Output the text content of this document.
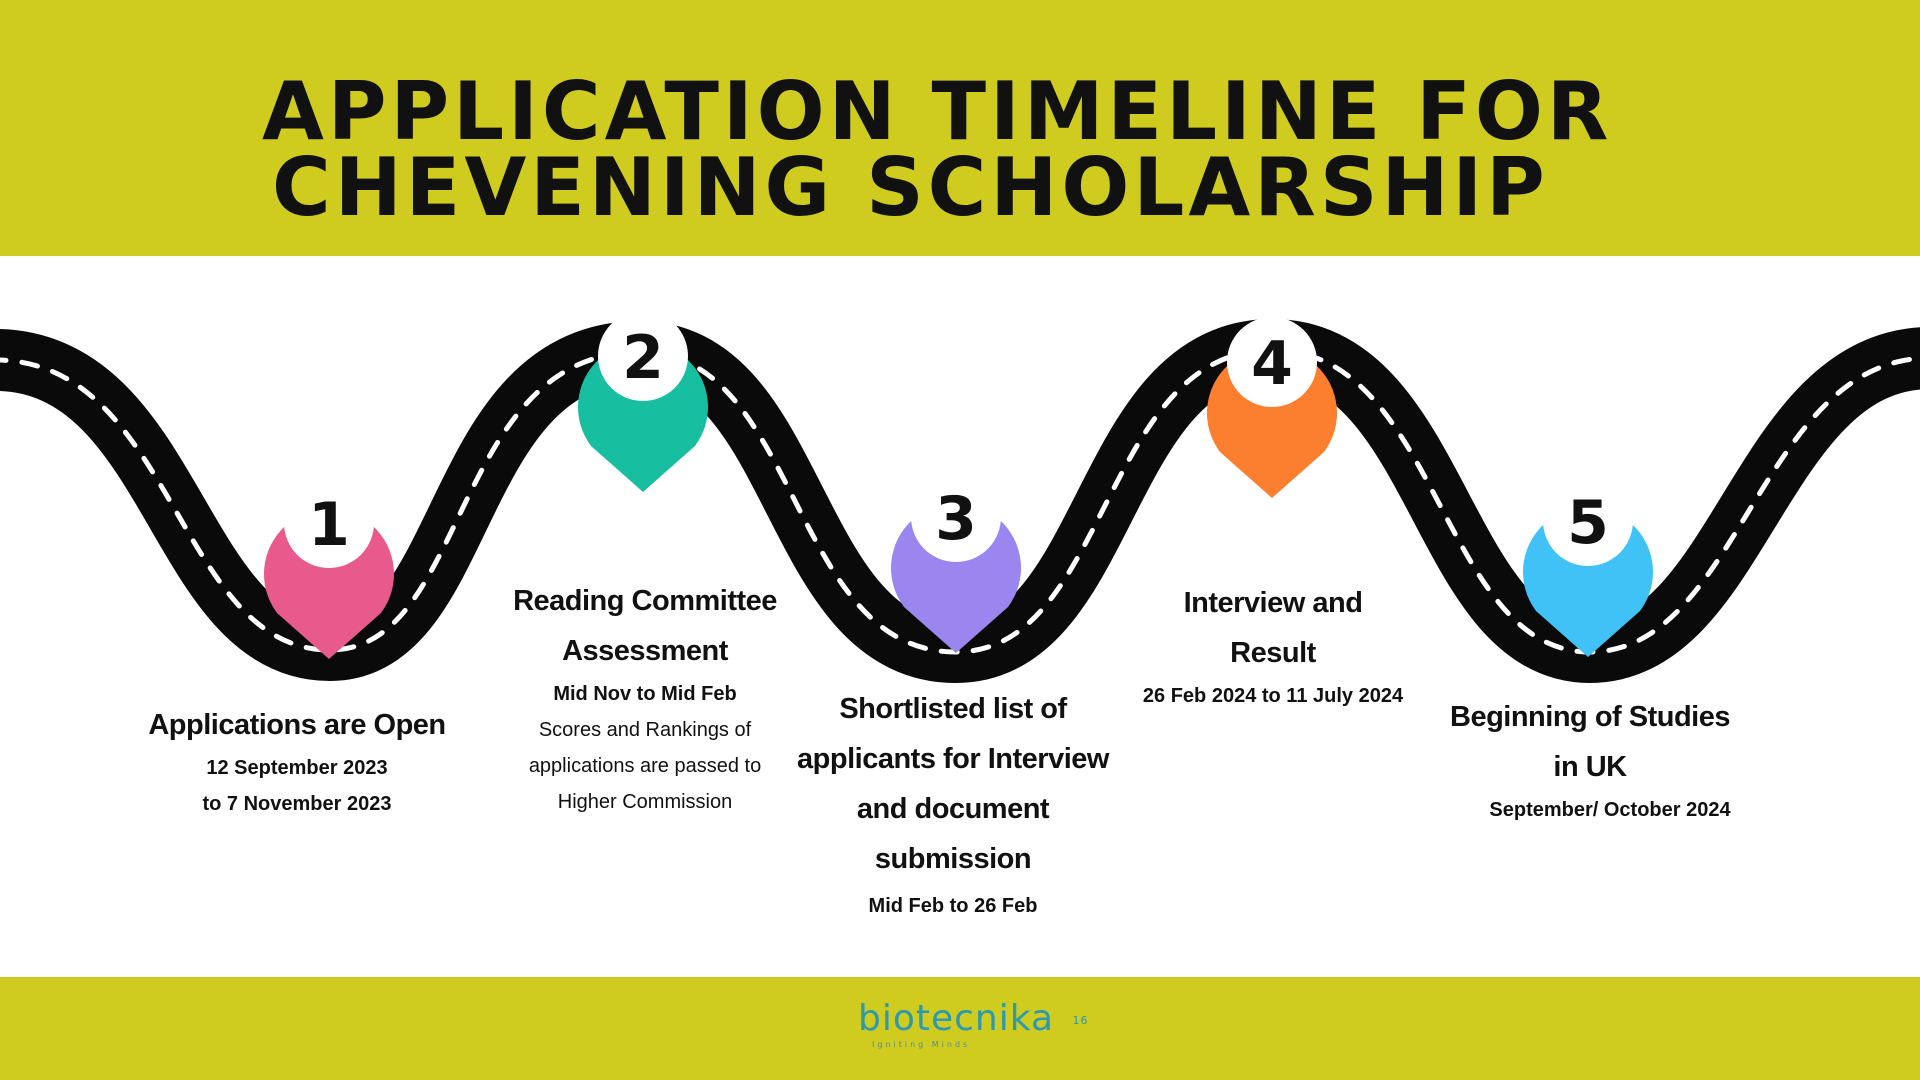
APPLICATION TIMELINE FOR
CHEVENING SCHOLARSHIP
1
2
3
4
5
Applications are Open
12 September 2023
to 7 November 2023
Reading Committee
Assessment
Mid Nov to Mid Feb
Scores and Rankings of
applications are passed to
Higher Commission
Shortlisted list of
applicants for Interview
and document
submission
Mid Feb to 26 Feb
Interview and
Result
26 Feb 2024 to 11 July 2024
Beginning of Studies
in UK
September/ October 2024
biotecnika 16
Igniting Minds
